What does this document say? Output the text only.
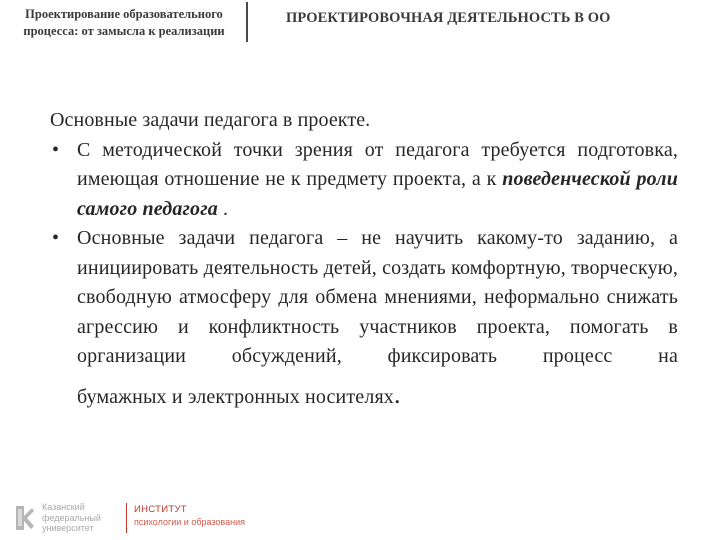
Проектирование образовательного процесса: от замысла к реализации
ПРОЕКТИРОВОЧНАЯ ДЕЯТЕЛЬНОСТЬ В ОО

Основные задачи педагога в проекте.

• С методической точки зрения от педагога требуется подготовка, имеющая отношение не к предмету проекта, а к поведенческой роли самого педагога .
• Основные задачи педагога – не научить какому-то заданию, а инициировать деятельность детей, создать комфортную, творческую, свободную атмосферу для обмена мнениями, неформально снижать агрессию и конфликтность участников проекта, помогать в организации обсуждений, фиксировать процесс на бумажных и электронных носителях.
Казанский федеральный университет
ИНСТИТУТ
психологии и образования
